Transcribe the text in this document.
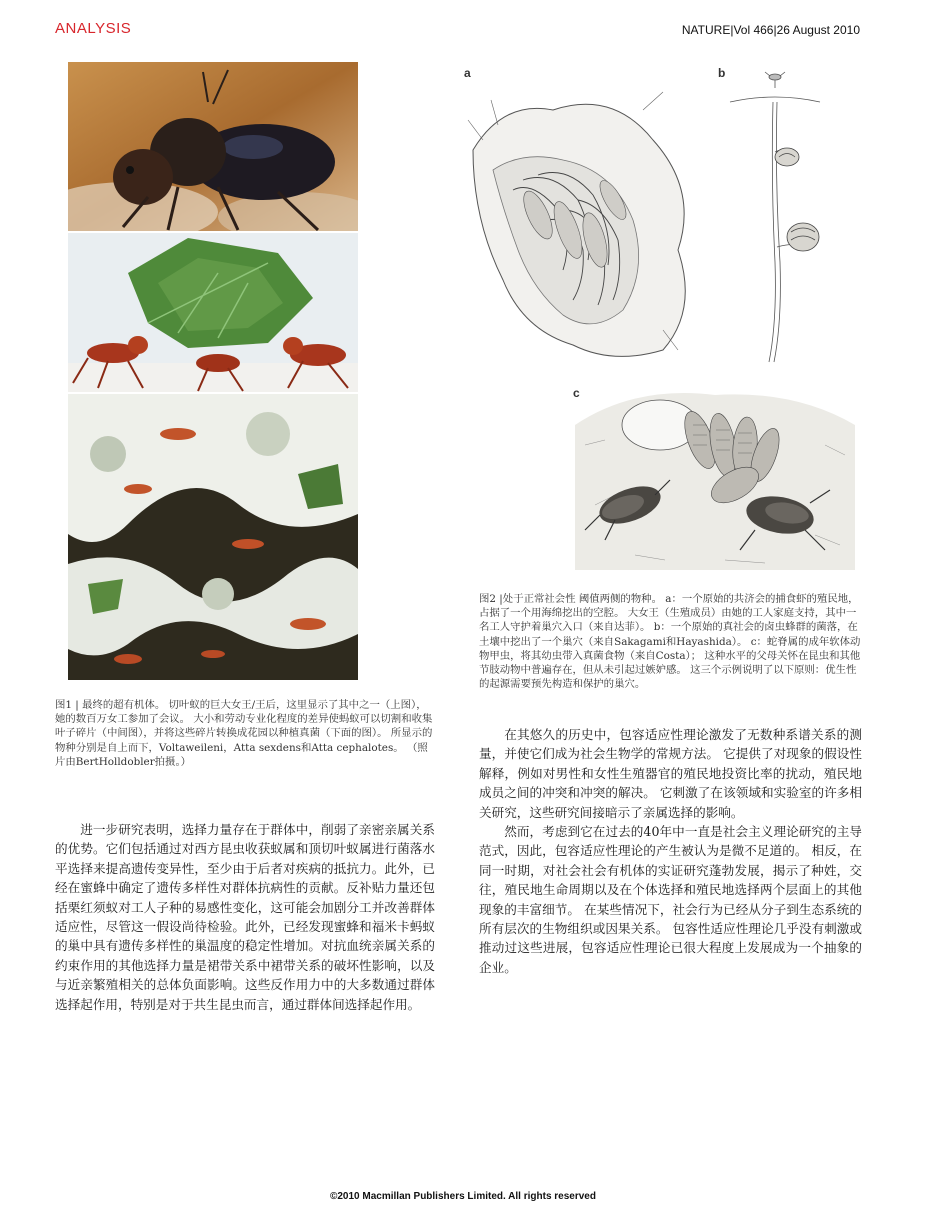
ANALYSIS	NATURE|Vol 466|26 August 2010
图1 | 最终的超有机体。 切叶蚁的巨大女王/王后，这里显示了其中之一（上图），她的数百万女工参加了会议。 大小和劳动专业化程度的差异使蚂蚁可以切割和收集叶子碎片（中间图），并将这些碎片转换成花园以种植真菌（下面的图）。 所显示的物种分别是自上而下，Voltaweileni，Atta sexdens和Atta cephalotes。 （照片由BertHolldobler拍摄。）
a	b
c
图2 |处于正常社会性 阈值两侧的物种。 a：一个原始的共济会的捕食虾的殖民地，占据了一个用海绵挖出的空腔。 大女王（生殖成员）由她的工人家庭支持，其中一名工人守护着巢穴入口（来自达菲）。 b：一个原始的真社会的卤虫蜂群的菌落，在土壤中挖出了一个巢穴（来自Sakagami和Hayashida）。 c：蛇脊属的成年软体动物甲虫，将其幼虫带入真菌食物（来自Costa）； 这种水平的父母关怀在昆虫和其他节肢动物中普遍存在，但从未引起过嫉妒感。 这三个示例说明了以下原则：优生性的起源需要预先构造和保护的巢穴。

进一步研究表明，选择力量存在于群体中，削弱了亲密亲属关系的优势。它们包括通过对西方昆虫收获蚁属和顶切叶蚁属进行菌落水平选择来提高遗传变异性，至少由于后者对疾病的抵抗力。此外，已经在蜜蜂中确定了遗传多样性对群体抗病性的贡献。反补贴力量还包括栗红须蚁对工人子种的易感性变化，这可能会加剧分工并改善群体适应性，尽管这一假设尚待检验。此外，已经发现蜜蜂和福米卡蚂蚁的巢中具有遗传多样性的巢温度的稳定性增加。对抗血统亲属关系的约束作用的其他选择力量是裙带关系中裙带关系的破坏性影响，以及与近亲繁殖相关的总体负面影响。这些反作用力中的大多数通过群体选择起作用，特别是对于共生昆虫而言，通过群体间选择起作用。

在其悠久的历史中，包容适应性理论激发了无数种系谱关系的测量，并使它们成为社会生物学的常规方法。 它提供了对现象的假设性解释，例如对男性和女性生殖器官的殖民地投资比率的扰动，殖民地成员之间的冲突和冲突的解决。 它刺激了在该领域和实验室的许多相关研究，这些研究间接暗示了亲属选择的影响。

然而，考虑到它在过去的40年中一直是社会主义理论研究的主导范式，因此，包容适应性理论的产生被认为是微不足道的。 相反，在同一时期，对社会社会有机体的实证研究蓬勃发展，揭示了种姓，交往，殖民地生命周期以及在个体选择和殖民地选择两个层面上的其他现象的丰富细节。 在某些情况下，社会行为已经从分子到生态系统的所有层次的生物组织或因果关系。 包容性适应性理论几乎没有刺激或推动过这些进展，包容适应性理论已很大程度上发展成为一个抽象的企业。

©2010 Macmillan Publishers Limited. All rights reserved
